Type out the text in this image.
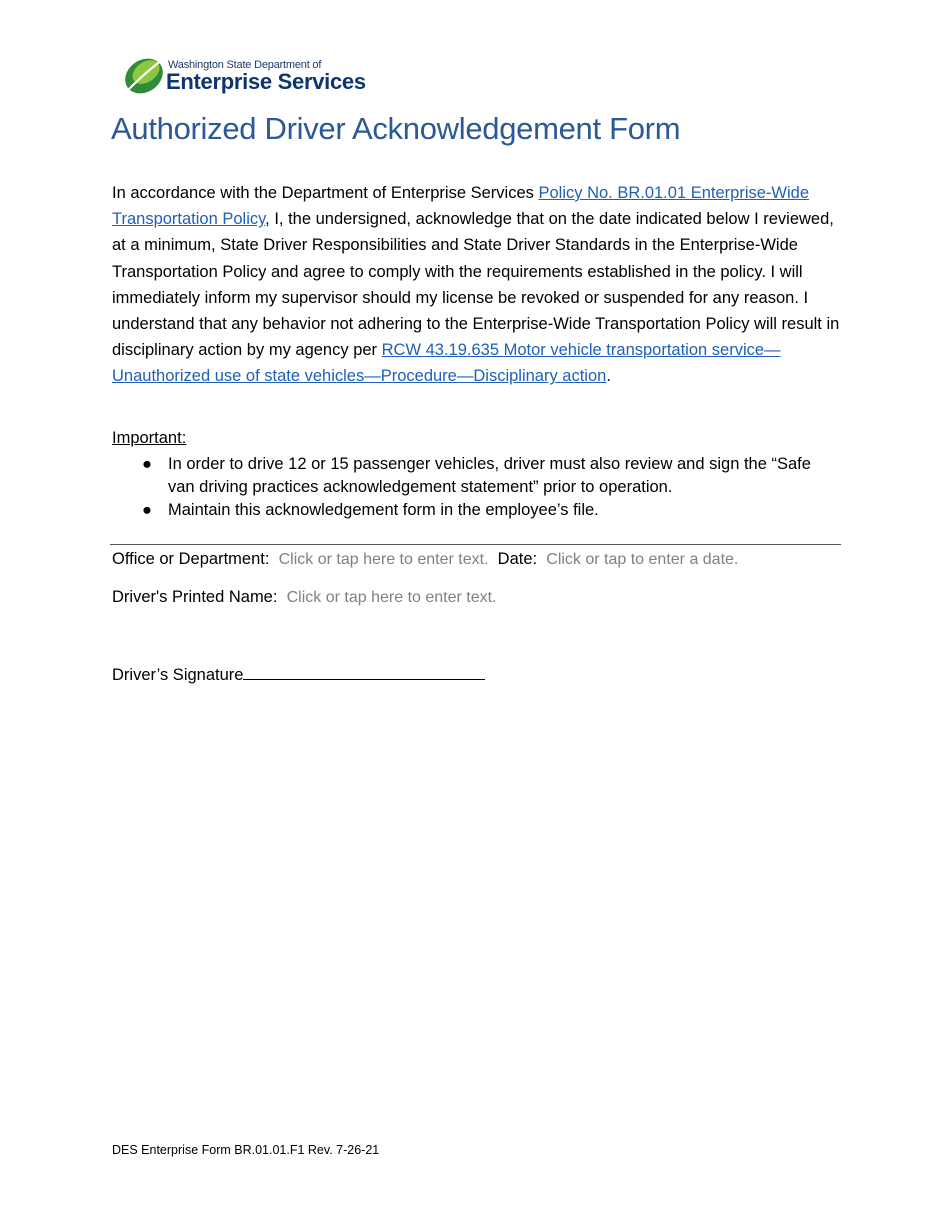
Washington State Department of
Enterprise Services
Authorized Driver Acknowledgement Form

In accordance with the Department of Enterprise Services Policy No. BR.01.01 Enterprise-Wide Transportation Policy, I, the undersigned, acknowledge that on the date indicated below I reviewed, at a minimum, State Driver Responsibilities and State Driver Standards in the Enterprise-Wide Transportation Policy and agree to comply with the requirements established in the policy. I will immediately inform my supervisor should my license be revoked or suspended for any reason. I understand that any behavior not adhering to the Enterprise-Wide Transportation Policy will result in disciplinary action by my agency per RCW 43.19.635 Motor vehicle transportation service—Unauthorized use of state vehicles—Procedure—Disciplinary action.

Important:
● In order to drive 12 or 15 passenger vehicles, driver must also review and sign the “Safe van driving practices acknowledgement statement” prior to operation.
● Maintain this acknowledgement form in the employee’s file.
Office or Department: Click or tap here to enter text. Date: Click or tap to enter a date.
Driver's Printed Name: Click or tap here to enter text.
Driver’s Signature
DES Enterprise Form BR.01.01.F1 Rev. 7-26-21
